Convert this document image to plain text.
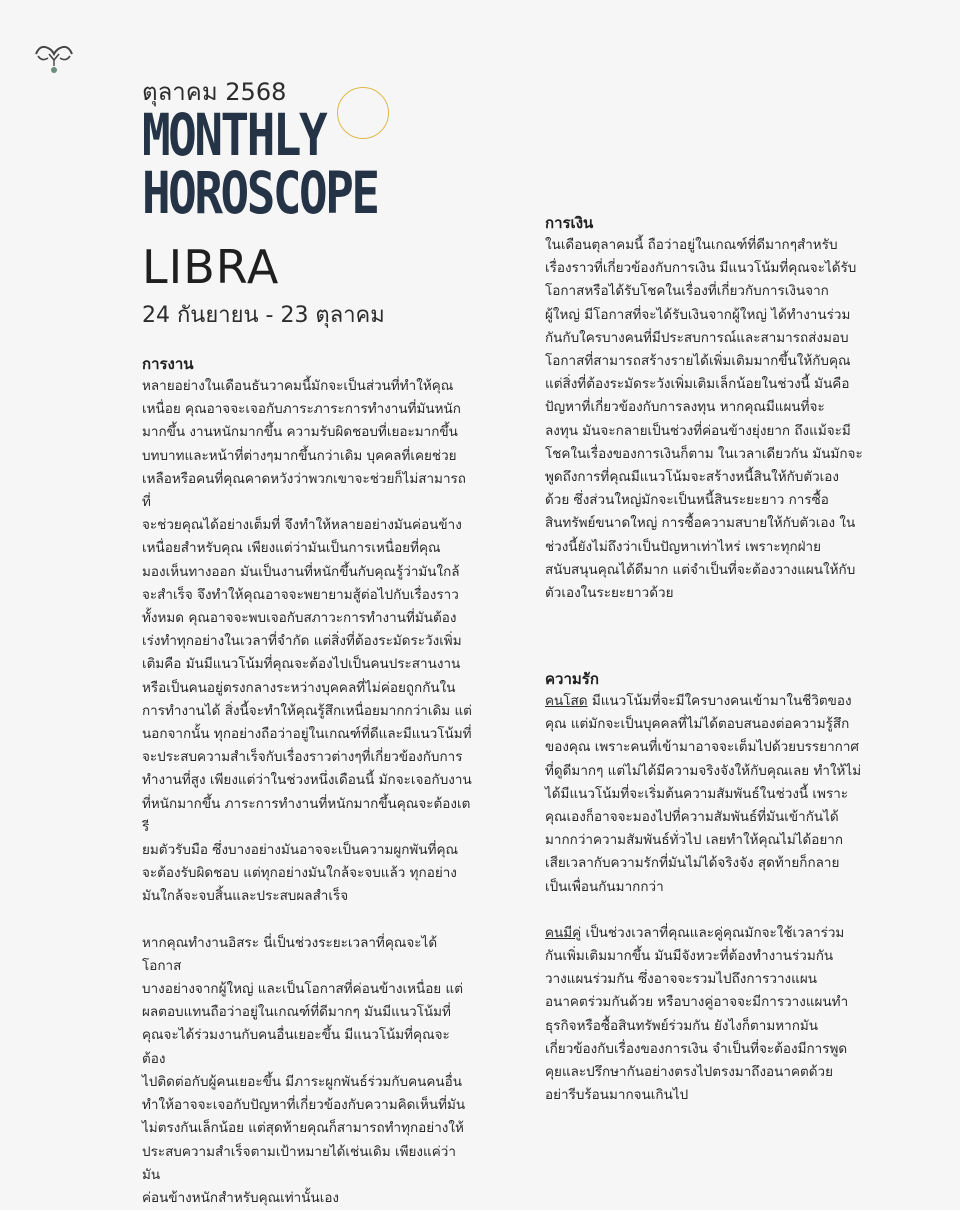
ตุลาคม 2568
MONTHLY
HOROSCOPE
LIBRA
24 กันยายน - 23 ตุลาคม
การงาน

หลายอย่างในเดือนธันวาคมนี้มักจะเป็นส่วนที่ทำให้คุณ
เหนื่อย คุณอาจจะเจอกับภาระภาระการทำงานที่มันหนัก
มากขึ้น งานหนักมากขึ้น ความรับผิดชอบที่เยอะมากขึ้น
บทบาทและหน้าที่ต่างๆมากขึ้นกว่าเดิม บุคคลที่เคยช่วย
เหลือหรือคนที่คุณคาดหวังว่าพวกเขาจะช่วยก็ไม่สามารถที่
จะช่วยคุณได้อย่างเต็มที่ จึงทำให้หลายอย่างมันค่อนข้าง
เหนื่อยสำหรับคุณ เพียงแต่ว่ามันเป็นการเหนื่อยที่คุณ
มองเห็นทางออก มันเป็นงานที่หนักขึ้นกับคุณรู้ว่ามันใกล้
จะสำเร็จ จึงทำให้คุณอาจจะพยายามสู้ต่อไปกับเรื่องราว
ทั้งหมด คุณอาจจะพบเจอกับสภาวะการทำงานที่มันต้อง
เร่งทำทุกอย่างในเวลาที่จำกัด แต่สิ่งที่ต้องระมัดระวังเพิ่ม
เติมคือ มันมีแนวโน้มที่คุณจะต้องไปเป็นคนประสานงาน
หรือเป็นคนอยู่ตรงกลางระหว่างบุคคลที่ไม่ค่อยถูกกันใน
การทำงานได้ สิ่งนี้จะทำให้คุณรู้สึกเหนื่อยมากกว่าเดิม แต่
นอกจากนั้น ทุกอย่างถือว่าอยู่ในเกณฑ์ที่ดีและมีแนวโน้มที่
จะประสบความสำเร็จกับเรื่องราวต่างๆที่เกี่ยวข้องกับการ
ทำงานที่สูง เพียงแต่ว่าในช่วงหนึ่งเดือนนี้ มักจะเจอกับงาน
ที่หนักมากขึ้น ภาระการทำงานที่หนักมากขึ้นคุณจะต้องเตรี
ยมตัวรับมือ ซึ่งบางอย่างมันอาจจะเป็นความผูกพันที่คุณ
จะต้องรับผิดชอบ แต่ทุกอย่างมันใกล้จะจบแล้ว ทุกอย่าง
มันใกล้จะจบสิ้นและประสบผลสำเร็จ

หากคุณทำงานอิสระ นี่เป็นช่วงระยะเวลาที่คุณจะได้โอกาส
บางอย่างจากผู้ใหญ่ และเป็นโอกาสที่ค่อนข้างเหนื่อย แต่
ผลตอบแทนถือว่าอยู่ในเกณฑ์ที่ดีมากๆ มันมีแนวโน้มที่
คุณจะได้ร่วมงานกับคนอื่นเยอะขึ้น มีแนวโน้มที่คุณจะต้อง
ไปติดต่อกับผู้คนเยอะขึ้น มีภาระผูกพันธ์ร่วมกับคนคนอื่น
ทำให้อาจจะเจอกับปัญหาที่เกี่ยวข้องกับความคิดเห็นที่มัน
ไม่ตรงกันเล็กน้อย แต่สุดท้ายคุณก็สามารถทำทุกอย่างให้
ประสบความสำเร็จตามเป้าหมายได้เช่นเดิม เพียงแค่ว่ามัน
ค่อนข้างหนักสำหรับคุณเท่านั้นเอง

การเงิน

ในเดือนตุลาคมนี้ ถือว่าอยู่ในเกณฑ์ที่ดีมากๆสำหรับ
เรื่องราวที่เกี่ยวข้องกับการเงิน มีแนวโน้มที่คุณจะได้รับ
โอกาสหรือได้รับโชคในเรื่องที่เกี่ยวกับการเงินจาก
ผู้ใหญ่ มีโอกาสที่จะได้รับเงินจากผู้ใหญ่ ได้ทำงานร่วม
กันกับใครบางคนที่มีประสบการณ์และสามารถส่งมอบ
โอกาสที่สามารถสร้างรายได้เพิ่มเติมมากขึ้นให้กับคุณ
แต่สิ่งที่ต้องระมัดระวังเพิ่มเติมเล็กน้อยในช่วงนี้ มันคือ
ปัญหาที่เกี่ยวข้องกับการลงทุน หากคุณมีแผนที่จะ
ลงทุน มันจะกลายเป็นช่วงที่ค่อนข้างยุ่งยาก ถึงแม้จะมี
โชคในเรื่องของการเงินก็ตาม ในเวลาเดียวกัน มันมักจะ
พูดถึงการที่คุณมีแนวโน้มจะสร้างหนี้สินให้กับตัวเอง
ด้วย ซึ่งส่วนใหญ่มักจะเป็นหนี้สินระยะยาว การซื้อ
สินทรัพย์ขนาดใหญ่ การซื้อความสบายให้กับตัวเอง ใน
ช่วงนี้ยังไม่ถึงว่าเป็นปัญหาเท่าไหร่ เพราะทุกฝ่าย
สนับสนุนคุณได้ดีมาก แต่จำเป็นที่จะต้องวางแผนให้กับ
ตัวเองในระยะยาวด้วย

ความรัก

คนโสด มีแนวโน้มที่จะมีใครบางคนเข้ามาในชีวิตของ
คุณ แต่มักจะเป็นบุคคลที่ไม่ได้ตอบสนองต่อความรู้สึก
ของคุณ เพราะคนที่เข้ามาอาจจะเต็มไปด้วยบรรยากาศ
ที่ดูดีมากๆ แต่ไม่ได้มีความจริงจังให้กับคุณเลย ทำให้ไม่
ได้มีแนวโน้มที่จะเริ่มต้นความสัมพันธ์ในช่วงนี้ เพราะ
คุณเองก็อาจจะมองไปที่ความสัมพันธ์ที่มันเข้ากันได้
มากกว่าความสัมพันธ์ทั่วไป เลยทำให้คุณไม่ได้อยาก
เสียเวลากับความรักที่มันไม่ได้จริงจัง สุดท้ายก็กลาย
เป็นเพื่อนกันมากกว่า

คนมีคู่ เป็นช่วงเวลาที่คุณและคู่คุณมักจะใช้เวลาร่วม
กันเพิ่มเติมมากขึ้น มันมีจังหวะที่ต้องทำงานร่วมกัน
วางแผนร่วมกัน ซึ่งอาจจะรวมไปถึงการวางแผน
อนาคตร่วมกันด้วย หรือบางคู่อาจจะมีการวางแผนทำ
ธุรกิจหรือซื้อสินทรัพย์ร่วมกัน ยังไงก็ตามหากมัน
เกี่ยวข้องกับเรื่องของการเงิน จำเป็นที่จะต้องมีการพูด
คุยและปรึกษากันอย่างตรงไปตรงมาถึงอนาคตด้วย
อย่ารีบร้อนมากจนเกินไป
